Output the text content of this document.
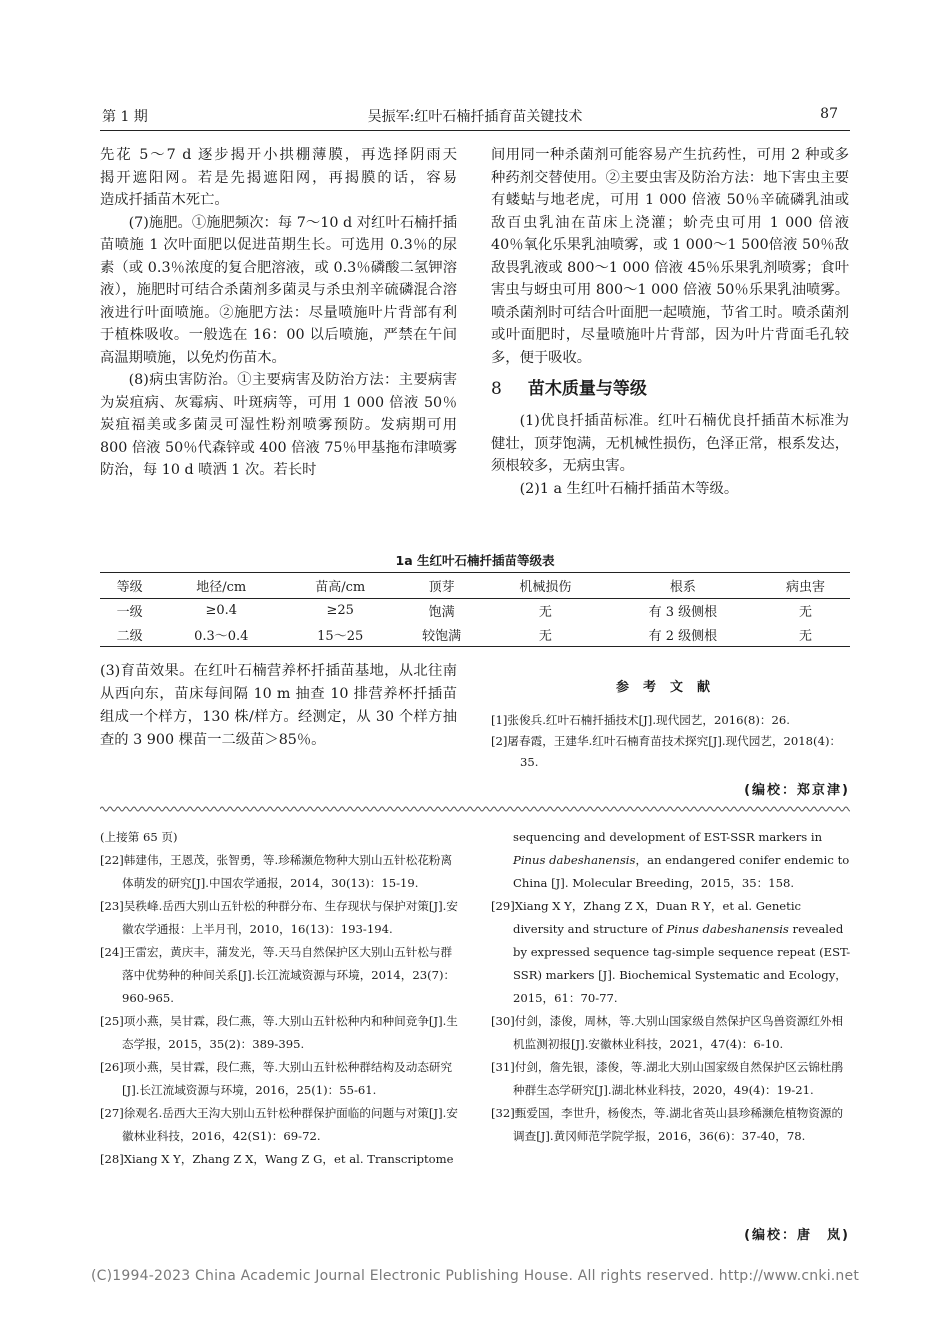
第 1 期	吴振军:红叶石楠扦插育苗关键技术	87

先花 5～7 d 逐步揭开小拱棚薄膜，再选择阴雨天

揭开遮阳网。若是先揭遮阳网，再揭膜的话，容易

造成扦插苗木死亡。

(7)施肥。①施肥频次：每 7～10 d 对红叶石楠扦插苗喷施 1 次叶面肥以促进苗期生长。可选用 0.3％的尿素（或 0.3％浓度的复合肥溶液，或 0.3％磷酸二氢钾溶液），施肥时可结合杀菌剂多菌灵与杀虫剂辛硫磷混合溶液进行叶面喷施。②施肥方法：尽量喷施叶片背部有利于植株吸收。一般选在 16：00 以后喷施，严禁在午间高温期喷施，以免灼伤苗木。

(8)病虫害防治。①主要病害及防治方法：主要病害为炭疽病、灰霉病、叶斑病等，可用 1 000 倍液 50％炭疽福美或多菌灵可湿性粉剂喷雾预防。发病期可用 800 倍液 50％代森锌或 400 倍液 75％甲基拖布津喷雾防治，每 10 d 喷洒 1 次。若长时

间用同一种杀菌剂可能容易产生抗药性，可用 2 种或多种药剂交替使用。②主要虫害及防治方法：地下害虫主要有蝼蛄与地老虎，可用 1 000 倍液 50％辛硫磷乳油或敌百虫乳油在苗床上浇灌；蚧壳虫可用 1 000 倍液 40％氧化乐果乳油喷雾，或 1 000～1 500倍液 50％敌敌畏乳液或 800～1 000 倍液 45％乐果乳剂喷雾；食叶害虫与蚜虫可用 800～1 000 倍液 50％乐果乳油喷雾。喷杀菌剂时可结合叶面肥一起喷施，节省工时。喷杀菌剂或叶面肥时，尽量喷施叶片背部，因为叶片背面毛孔较多，便于吸收。

8 苗木质量与等级

(1)优良扦插苗标准。红叶石楠优良扦插苗木标准为健壮，顶芽饱满，无机械性损伤，色泽正常，根系发达，须根较多，无病虫害。

(2)1 a 生红叶石楠扦插苗木等级。

1a 生红叶石楠扦插苗等级表
等级	地径/cm	苗高/cm	顶芽	机械损伤	根系	病虫害
一级	≥0.4	≥25	饱满	无	有 3 级侧根	无
二级	0.3～0.4	15～25	较饱满	无	有 2 级侧根	无

(3)育苗效果。在红叶石楠营养杯扦插苗基地，从北往南从西向东，苗床每间隔 10 m 抽查 10 排营养杯扦插苗组成一个样方，130 株/样方。经测定，从 30 个样方抽查的 3 900 棵苗一二级苗＞85％。

参考文献

[1]张俊兵.红叶石楠扦插技术[J].现代园艺，2016(8)：26.

[2]屠春霞，王建华.红叶石楠育苗技术探究[J].现代园艺，2018(4)：35.

(编校：郑京津)

(上接第 65 页)

[22]韩建伟，王恩茂，张智勇，等.珍稀濒危物种大别山五针松花粉离体萌发的研究[J].中国农学通报，2014，30(13)：15-19.

[23]吴秩峰.岳西大别山五针松的种群分布、生存现状与保护对策[J].安徽农学通报：上半月刊，2010，16(13)：193-194.

[24]王雷宏，黄庆丰，蒲发光，等.天马自然保护区大别山五针松与群落中优势种的种间关系[J].长江流域资源与环境，2014，23(7)：960-965.

[25]项小燕，吴甘霖，段仁燕，等.大别山五针松种内和种间竞争[J].生态学报，2015，35(2)：389-395.

[26]项小燕，吴甘霖，段仁燕，等.大别山五针松种群结构及动态研究[J].长江流域资源与环境，2016，25(1)：55-61.

[27]徐观名.岳西大王沟大别山五针松种群保护面临的问题与对策[J].安徽林业科技，2016，42(S1)：69-72.

[28]Xiang X Y，Zhang Z X，Wang Z G，et al. Transcriptome

sequencing and development of EST-SSR markers in
Pinus dabeshanensis，an endangered conifer endemic to
China [J]. Molecular Breeding，2015，35：158.

[29]Xiang X Y，Zhang Z X，Duan R Y，et al. Genetic diversity and structure of Pinus dabeshanensis revealed by expressed sequence tag-simple sequence repeat (EST-SSR) markers [J]. Biochemical Systematic and Ecology，2015，61：70-77.

[30]付剑，漆俊，周林，等.大别山国家级自然保护区鸟兽资源红外相机监测初报[J].安徽林业科技，2021，47(4)：6-10.

[31]付剑，詹先银，漆俊，等.湖北大别山国家级自然保护区云锦杜鹃种群生态学研究[J].湖北林业科技，2020，49(4)：19-21.

[32]甄爱国，李世升，杨俊杰，等.湖北省英山县珍稀濒危植物资源的调查[J].黄冈师范学院学报，2016，36(6)：37-40，78.

(编校：唐　岚)
(C)1994-2023 China Academic Journal Electronic Publishing House. All rights reserved. http://www.cnki.net
